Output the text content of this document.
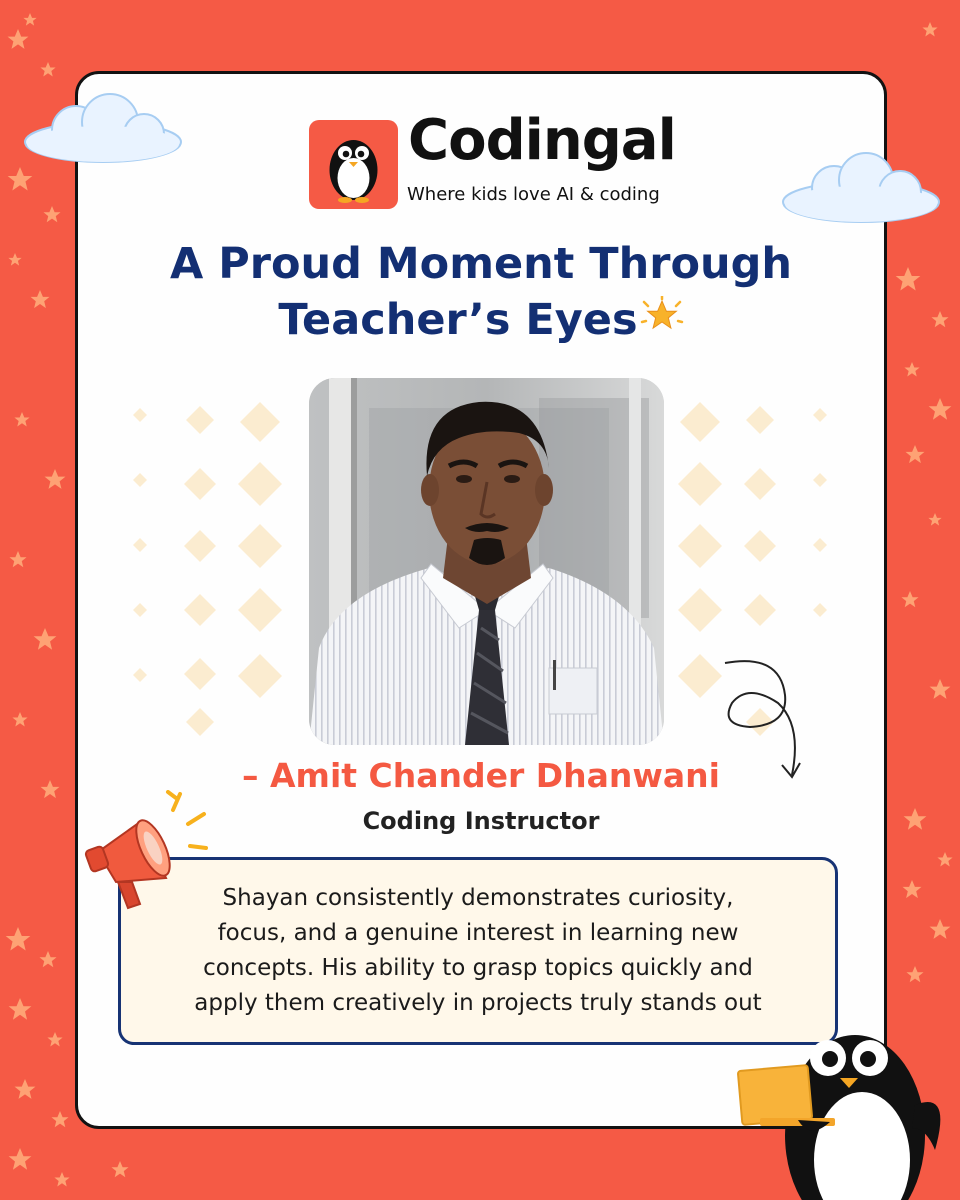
Codingal
Where kids love AI & coding
A Proud Moment Through
Teacher’s Eyes
– Amit Chander Dhanwani
Coding Instructor
Shayan consistently demonstrates curiosity,
focus, and a genuine interest in learning new
concepts. His ability to grasp topics quickly and
apply them creatively in projects truly stands out
